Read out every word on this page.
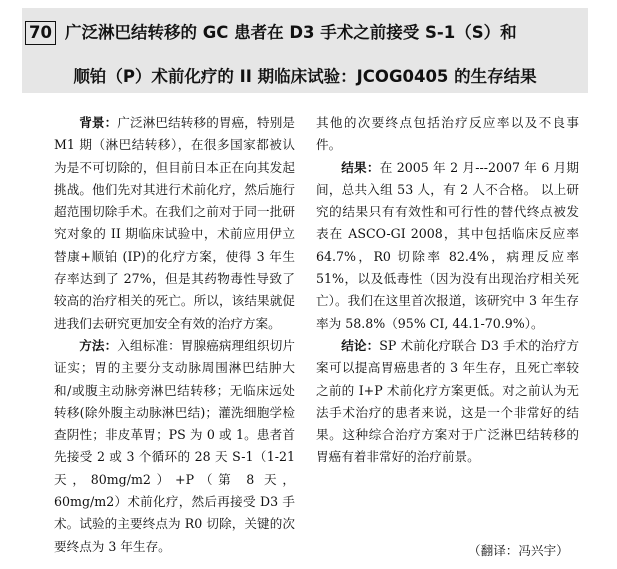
70 广泛淋巴结转移的 GC 患者在 D3 手术之前接受 S-1（S）和
顺铂（P）术前化疗的 II 期临床试验：JCOG0405 的生存结果

背景：广泛淋巴结转移的胃癌，特别是M1 期（淋巴结转移），在很多国家都被认为是不可切除的，但目前日本正在向其发起挑战。他们先对其进行术前化疗，然后施行超范围切除手术。在我们之前对于同一批研究对象的 II 期临床试验中，术前应用伊立替康+顺铂 (IP)的化疗方案，使得 3 年生存率达到了 27%，但是其药物毒性导致了较高的治疗相关的死亡。所以，该结果就促进我们去研究更加安全有效的治疗方案。

方法：入组标准：胃腺癌病理组织切片证实；胃的主要分支动脉周围淋巴结肿大和/或腹主动脉旁淋巴结转移；无临床远处转移(除外腹主动脉淋巴结)；灌洗细胞学检查阴性；非皮革胃；PS 为 0 或 1。患者首先接受 2 或 3 个循环的 28 天 S-1（1-21 天，80mg/m2）+P（第 8 天，60mg/m2）术前化疗，然后再接受 D3 手术。试验的主要终点为 R0 切除，关键的次要终点为 3 年生存。

其他的次要终点包括治疗反应率以及不良事件。

结果：在 2005 年 2 月---2007 年 6 月期间，总共入组 53 人，有 2 人不合格。 以上研究的结果只有有效性和可行性的替代终点被发表在 ASCO-GI 2008，其中包括临床反应率 64.7%，R0 切除率 82.4%，病理反应率 51%，以及低毒性（因为没有出现治疗相关死亡）。我们在这里首次报道，该研究中 3 年生存率为 58.8%（95% CI, 44.1-70.9%）。

结论：SP 术前化疗联合 D3 手术的治疗方案可以提高胃癌患者的 3 年生存，且死亡率较之前的 I+P 术前化疗方案更低。对之前认为无法手术治疗的患者来说，这是一个非常好的结果。这种综合治疗方案对于广泛淋巴结转移的胃癌有着非常好的治疗前景。

（翻译：冯兴宇）
